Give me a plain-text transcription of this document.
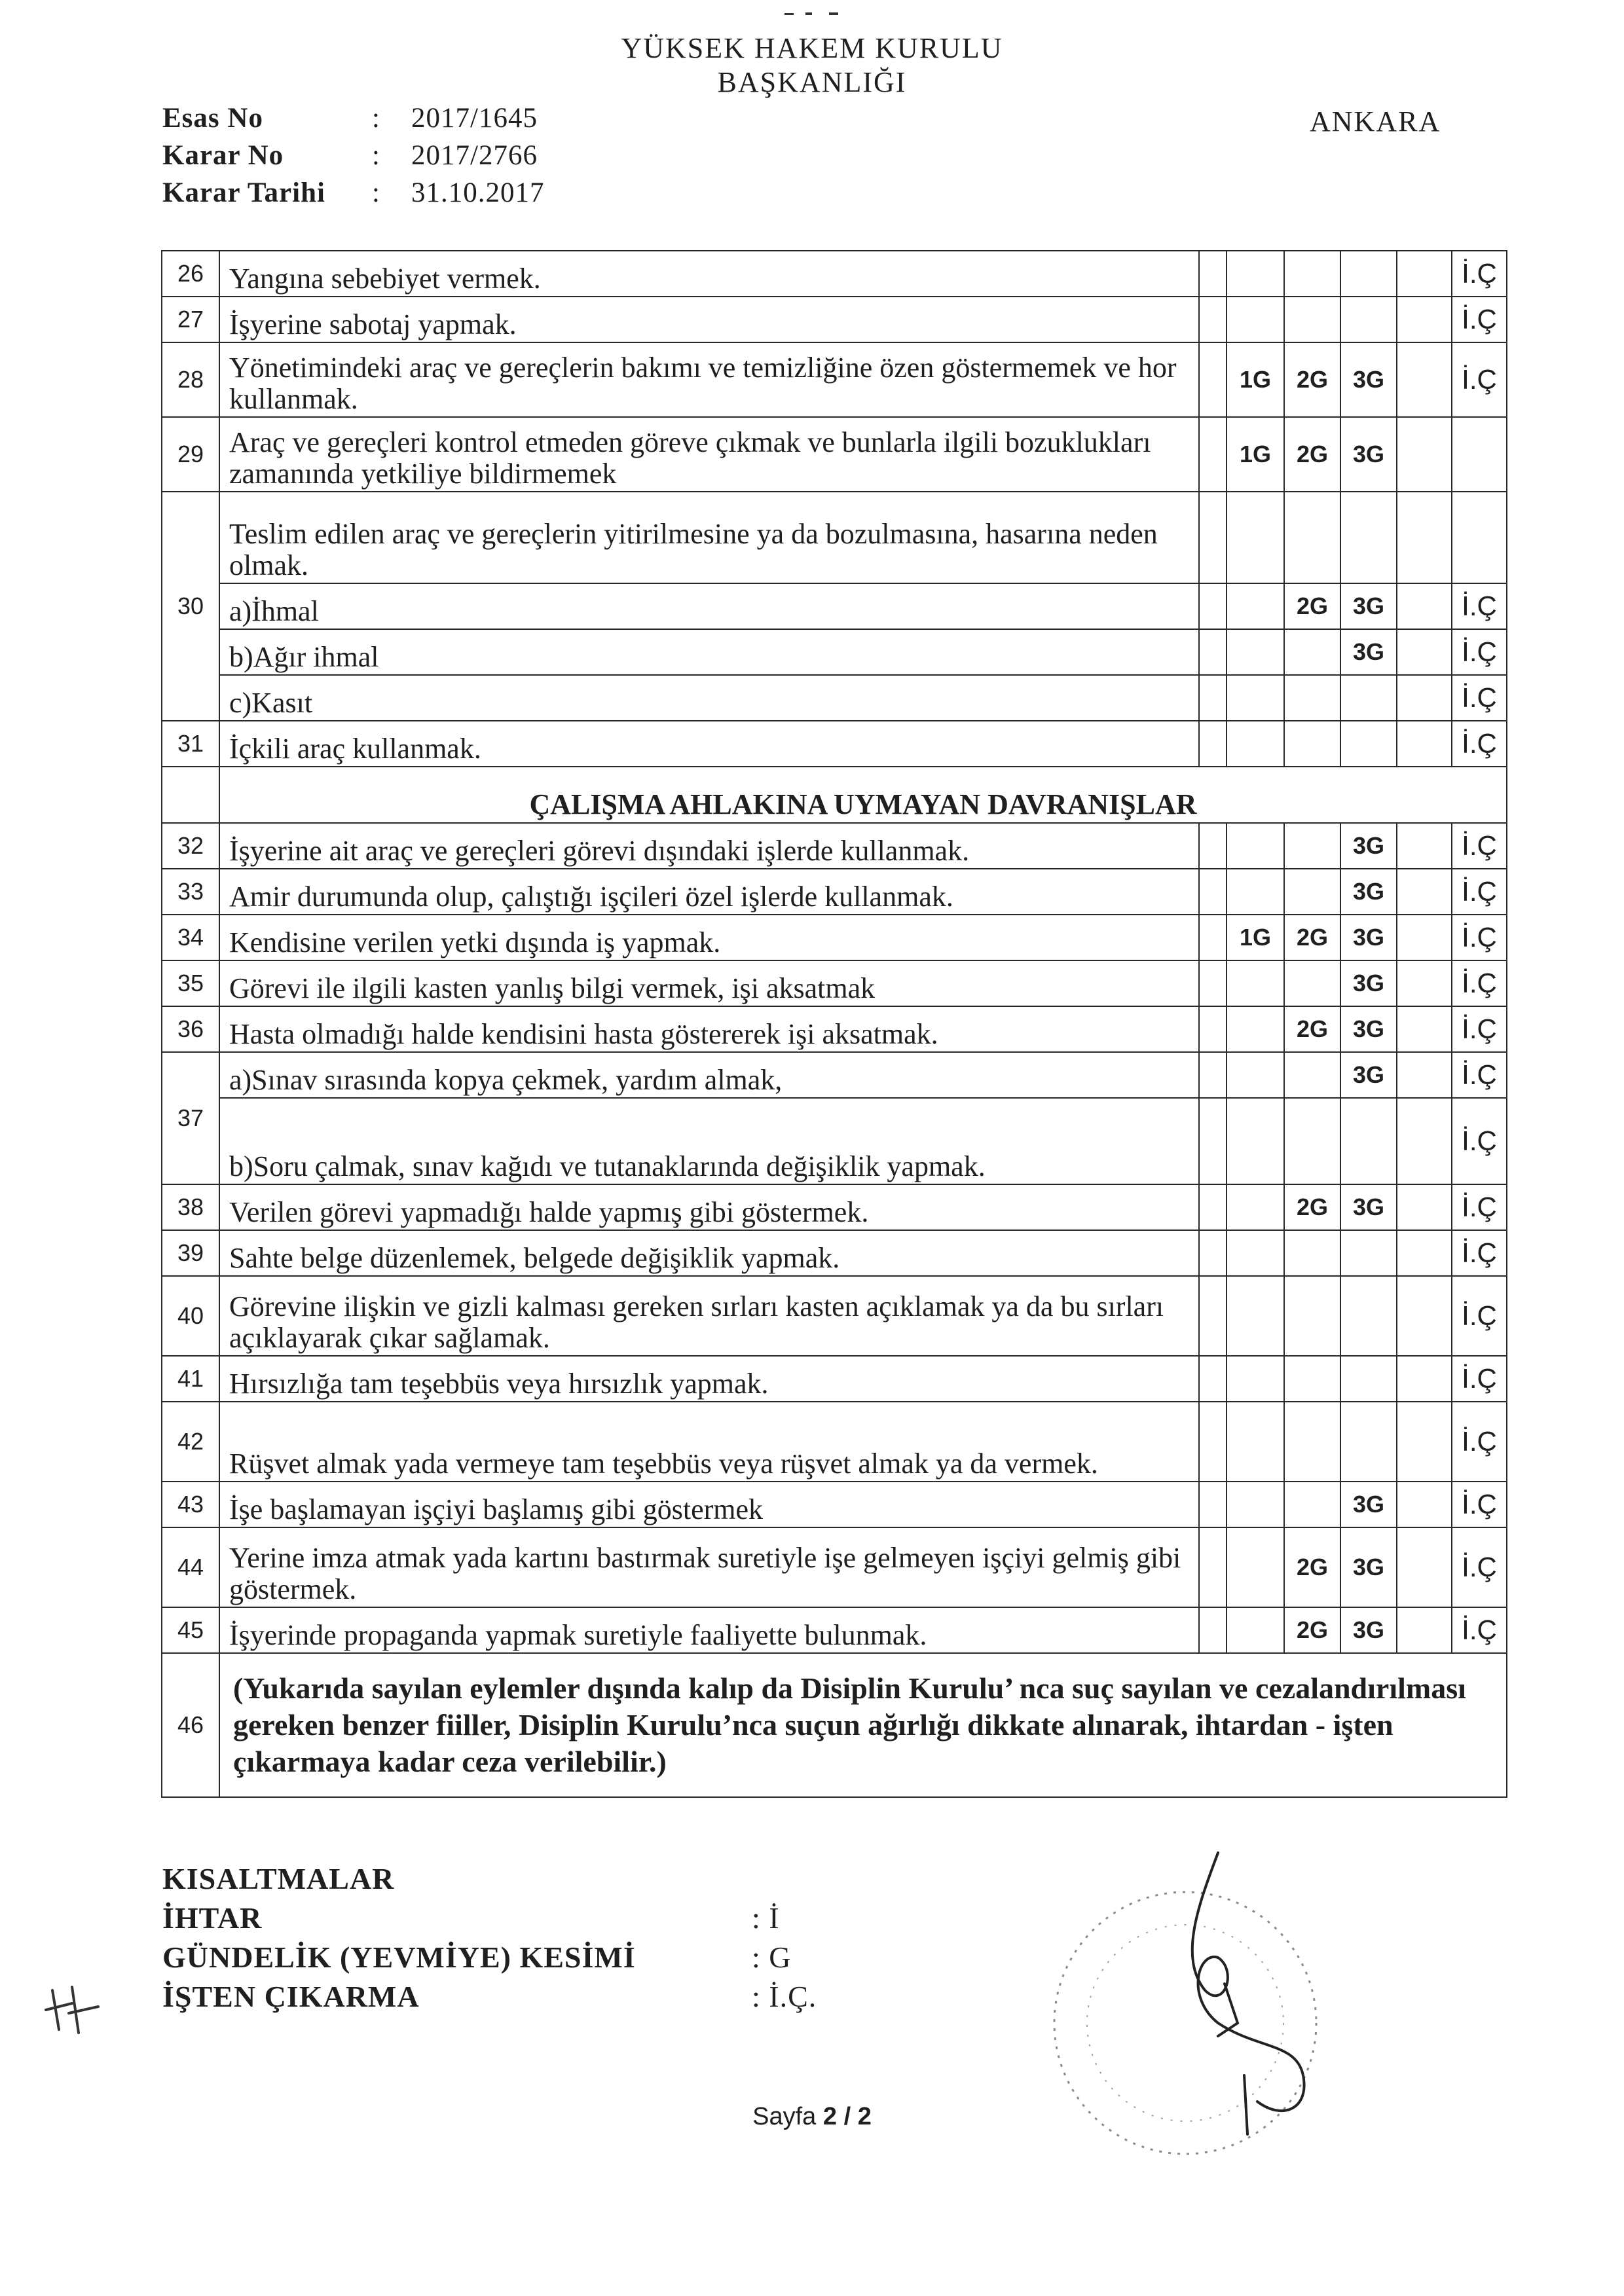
YÜKSEK HAKEM KURULU
BAŞKANLIĞI
ANKARA
Esas No	:	2017/1645
Karar No	:	2017/2766
Karar Tarihi	:	31.10.2017
26	Yangına sebebiyet vermek.						İ.Ç
27	İşyerine sabotaj yapmak.						İ.Ç
28	Yönetimindeki araç ve gereçlerin bakımı ve temizliğine özen göstermemek ve hor kullanmak.		1G	2G	3G		İ.Ç
29	Araç ve gereçleri kontrol etmeden göreve çıkmak ve bunlarla ilgili bozuklukları zamanında yetkiliye bildirmemek		1G	2G	3G		
30	Teslim edilen araç ve gereçlerin yitirilmesine ya da bozulmasına, hasarına neden olmak.						
	a)İhmal			2G	3G		İ.Ç
	b)Ağır ihmal				3G		İ.Ç
	c)Kasıt						İ.Ç
31	İçkili araç kullanmak.						İ.Ç
	ÇALIŞMA AHLAKINA UYMAYAN DAVRANIŞLAR						
32	İşyerine ait araç ve gereçleri görevi dışındaki işlerde kullanmak.				3G		İ.Ç
33	Amir durumunda olup, çalıştığı işçileri özel işlerde kullanmak.				3G		İ.Ç
34	Kendisine verilen yetki dışında iş yapmak.		1G	2G	3G		İ.Ç
35	Görevi ile ilgili kasten yanlış bilgi vermek, işi aksatmak				3G		İ.Ç
36	Hasta olmadığı halde kendisini hasta göstererek işi aksatmak.			2G	3G		İ.Ç
37	a)Sınav sırasında kopya çekmek, yardım almak,				3G		İ.Ç
	b)Soru çalmak, sınav kağıdı ve tutanaklarında değişiklik yapmak.						İ.Ç
38	Verilen görevi yapmadığı halde yapmış gibi göstermek.			2G	3G		İ.Ç
39	Sahte belge düzenlemek, belgede değişiklik yapmak.						İ.Ç
40	Görevine ilişkin ve gizli kalması gereken sırları kasten açıklamak ya da bu sırları açıklayarak çıkar sağlamak.						İ.Ç
41	Hırsızlığa tam teşebbüs veya hırsızlık yapmak.						İ.Ç
42	Rüşvet almak yada vermeye tam teşebbüs veya rüşvet almak ya da vermek.						İ.Ç
43	İşe başlamayan işçiyi başlamış gibi göstermek				3G		İ.Ç
44	Yerine imza atmak yada kartını bastırmak suretiyle işe gelmeyen işçiyi gelmiş gibi göstermek.			2G	3G		İ.Ç
45	İşyerinde propaganda yapmak suretiyle faaliyette bulunmak.			2G	3G		İ.Ç
46	(Yukarıda sayılan eylemler dışında kalıp da Disiplin Kurulu’ nca suç sayılan ve cezalandırılması gereken benzer fiiller, Disiplin Kurulu’nca suçun ağırlığı dikkate alınarak, ihtardan - işten çıkarmaya kadar ceza verilebilir.)						
KISALTMALAR
İHTAR	: İ
GÜNDELİK (YEVMİYE) KESİMİ	: G
İŞTEN ÇIKARMA	: İ.Ç.
Sayfa 2 / 2
